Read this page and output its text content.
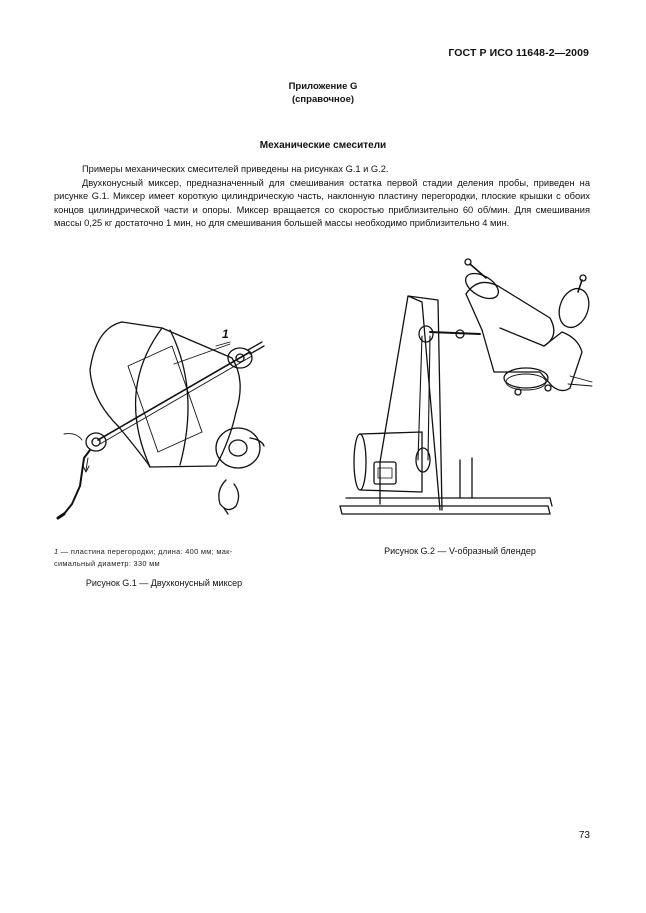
ГОСТ Р ИСО 11648-2—2009
Приложение G
(справочное)
Механические смесители

Примеры механических смесителей приведены на рисунках G.1 и G.2.

Двухконусный миксер, предназначенный для смешивания остатка первой стадии деления пробы, приведен на рисунке G.1. Миксер имеет короткую цилиндрическую часть, наклонную пластину перегородки, плоские крышки с обоих концов цилиндрической части и опоры. Миксер вращается со скоростью приблизительно 60 об/мин. Для смешивания массы 0,25 кг достаточно 1 мин, но для смешивания большей массы необходимо приблизительно 4 мин.

1
1 — пластина перегородки; длина: 400 мм; мак-
симальный диаметр: 330 мм
Рисунок G.1 — Двухконусный миксер
Рисунок G.2 — V-образный блендер
73
